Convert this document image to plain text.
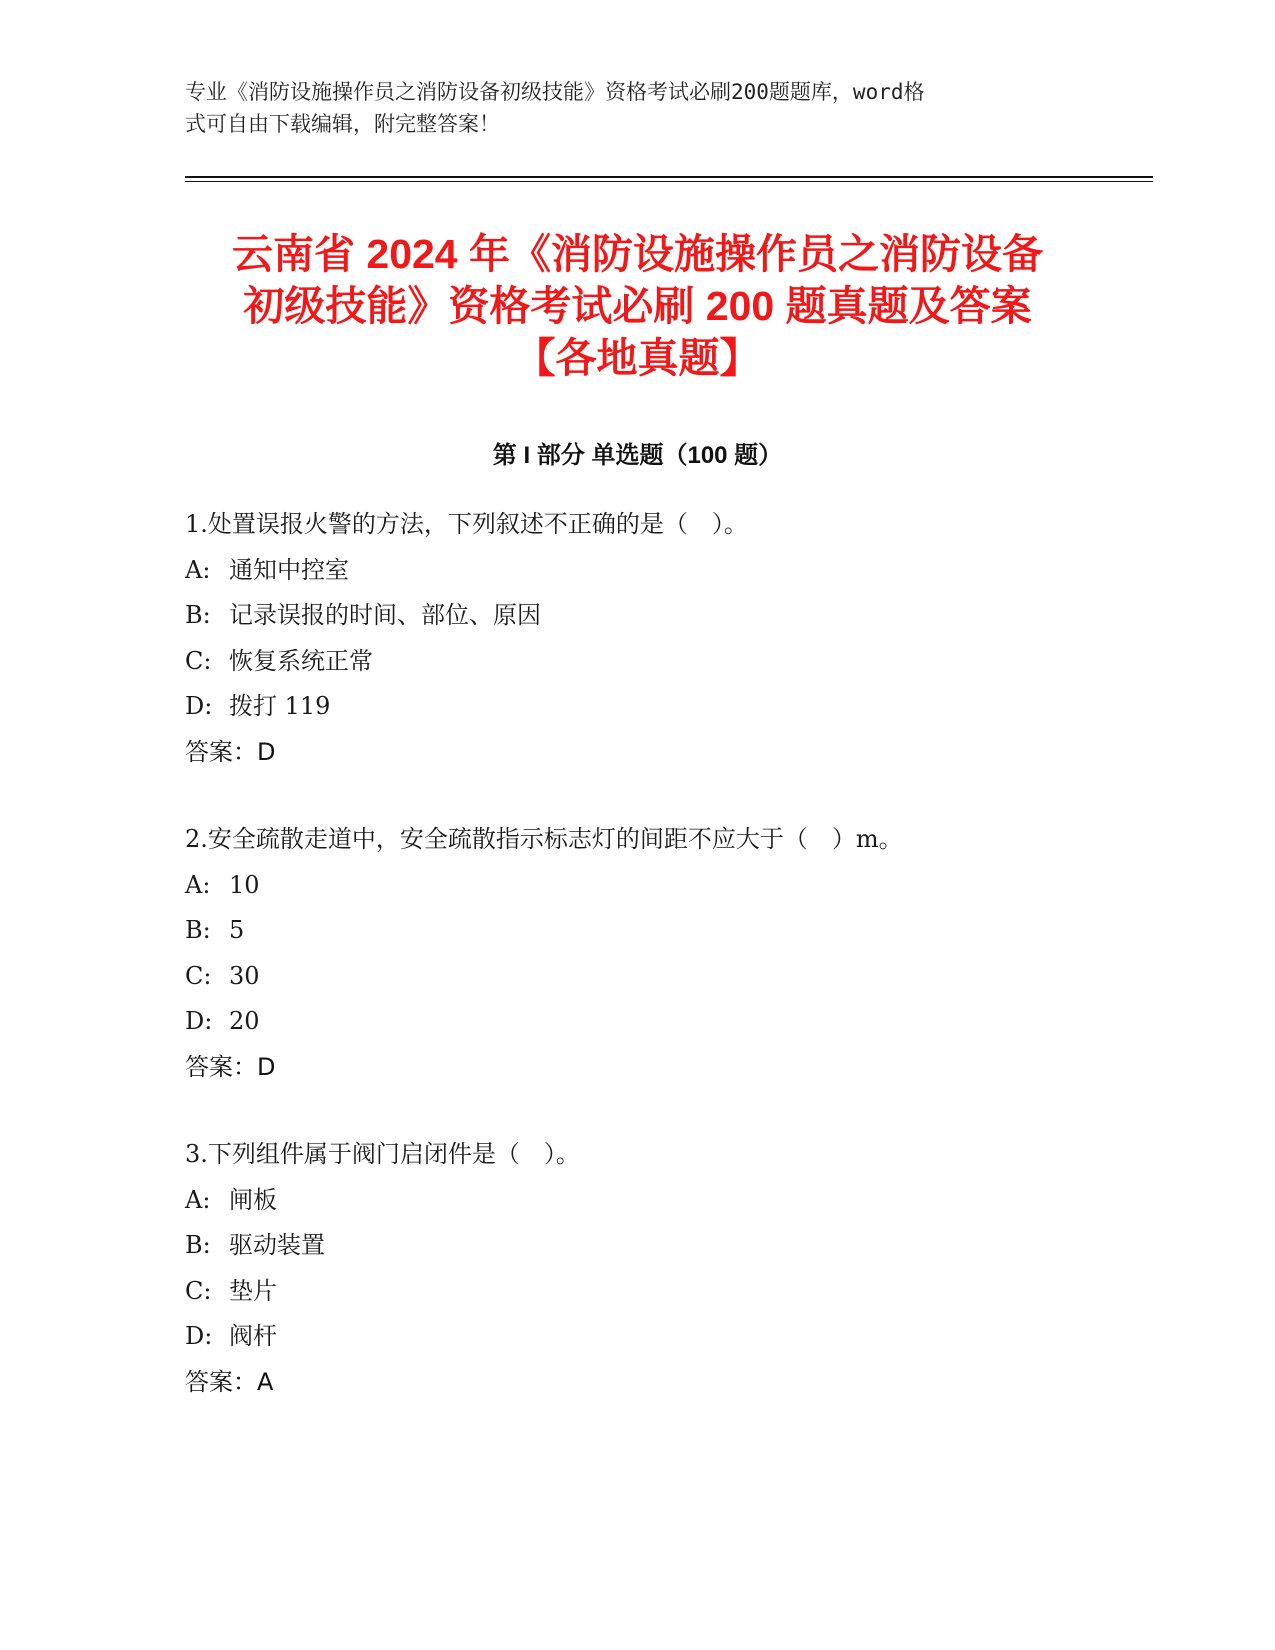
专业《消防设施操作员之消防设备初级技能》资格考试必刷200题题库，word格
式可自由下载编辑，附完整答案！
云南省 2024 年《消防设施操作员之消防设备
初级技能》资格考试必刷 200 题真题及答案
【各地真题】
第 I 部分 单选题（100 题）
1.处置误报火警的方法，下列叙述不正确的是（　）。
A: 通知中控室
B: 记录误报的时间、部位、原因
C: 恢复系统正常
D: 拨打 119
答案：D
2.安全疏散走道中，安全疏散指示标志灯的间距不应大于（　）m。
A: 10
B: 5
C: 30
D: 20
答案：D
3.下列组件属于阀门启闭件是（　）。
A: 闸板
B: 驱动装置
C: 垫片
D: 阀杆
答案：A
